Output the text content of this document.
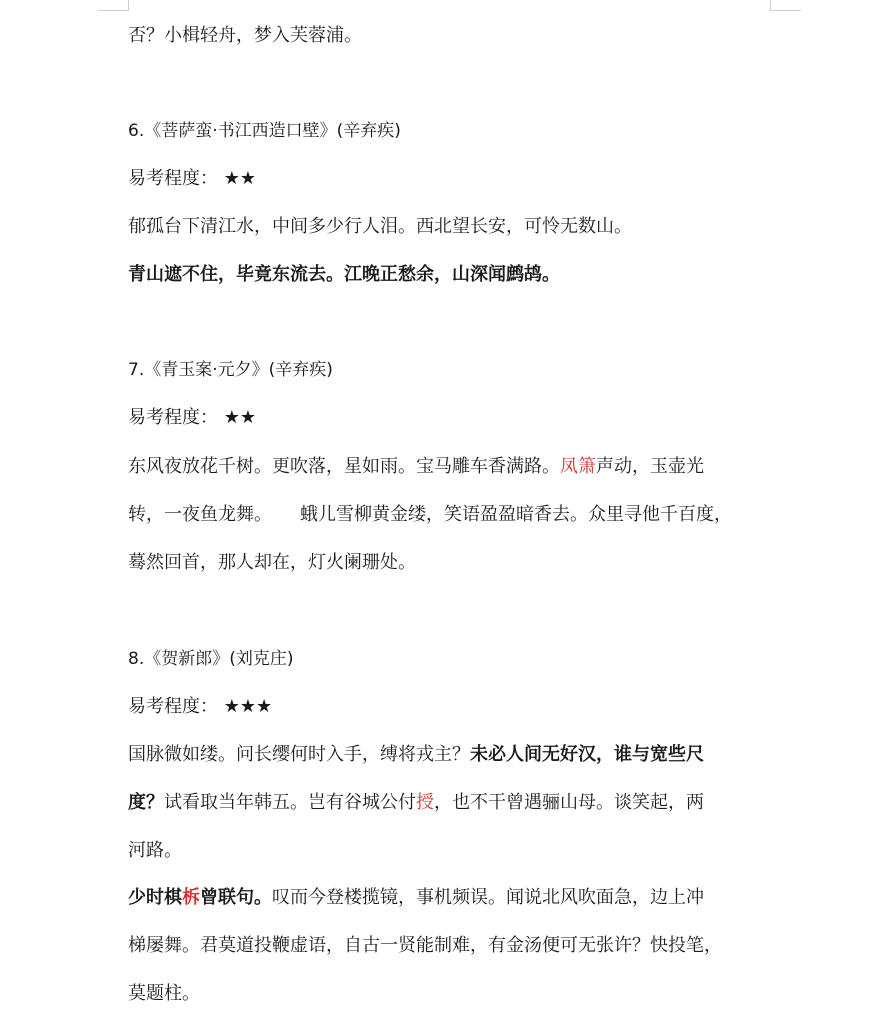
否？小楫轻舟，梦入芙蓉浦。
6.《菩萨蛮·书江西造口壁》(辛弃疾)
易考程度： ★★
郁孤台下清江水，中间多少行人泪。西北望长安，可怜无数山。
青山遮不住，毕竟东流去。江晚正愁余，山深闻鹧鸪。
7.《青玉案·元夕》(辛弃疾)
易考程度： ★★
东风夜放花千树。更吹落，星如雨。宝马雕车香满路。凤箫声动，玉壶光
转，一夜鱼龙舞。 蛾儿雪柳黄金缕，笑语盈盈暗香去。众里寻他千百度，
蓦然回首，那人却在，灯火阑珊处。
8.《贺新郎》(刘克庄)
易考程度： ★★★
国脉微如缕。问长缨何时入手，缚将戎主？未必人间无好汉，谁与宽些尺
度？试看取当年韩五。岂有谷城公付授，也不干曾遇骊山母。谈笑起，两
河路。
少时棋柝曾联句。叹而今登楼揽镜，事机频误。闻说北风吹面急，边上冲
梯屡舞。君莫道投鞭虚语，自古一贤能制难，有金汤便可无张许？快投笔，
莫题柱。
